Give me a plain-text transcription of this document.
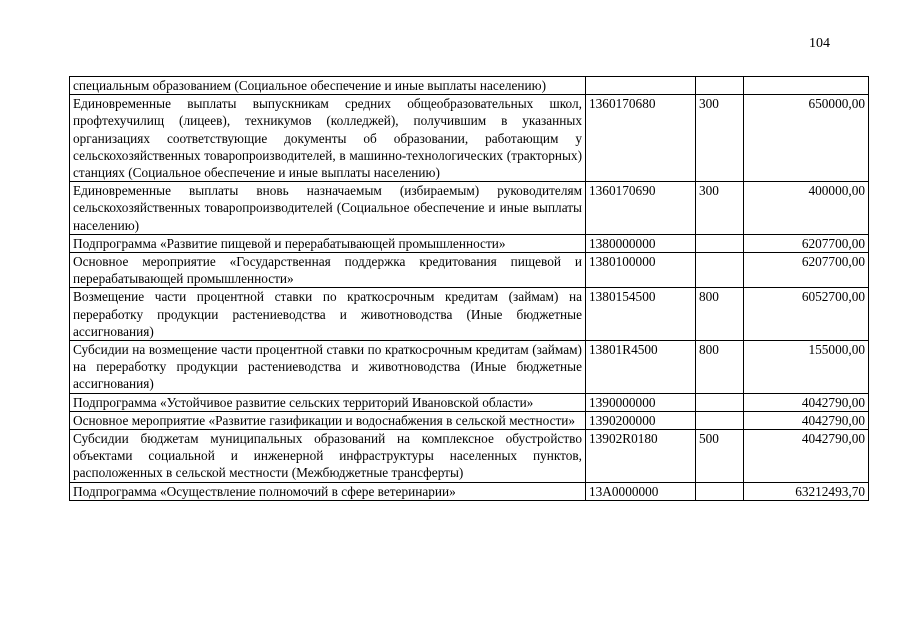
104
специальным образованием (Социальное обеспечение и иные выплаты населению)			
Единовременные выплаты выпускникам средних общеобразовательных школ, профтехучилищ (лицеев), техникумов (колледжей), получившим в указанных организациях соответствующие документы об образовании, работающим у сельскохозяйственных товаропроизводителей, в машинно-технологических (тракторных) станциях (Социальное обеспечение и иные выплаты населению)	1360170680	300	650000,00
Единовременные выплаты вновь назначаемым (избираемым) руководителям сельскохозяйственных товаропроизводителей (Социальное обеспечение и иные выплаты населению)	1360170690	300	400000,00
Подпрограмма «Развитие пищевой и перерабатывающей промышленности»	1380000000		6207700,00
Основное мероприятие «Государственная поддержка кредитования пищевой и перерабатывающей промышленности»	1380100000		6207700,00
Возмещение части процентной ставки по краткосрочным кредитам (займам) на переработку продукции растениеводства и животноводства (Иные бюджетные ассигнования)	1380154500	800	6052700,00
Субсидии на возмещение части процентной ставки по краткосрочным кредитам (займам) на переработку продукции растениеводства и животноводства (Иные бюджетные ассигнования)	13801R4500	800	155000,00
Подпрограмма «Устойчивое развитие сельских территорий Ивановской области»	1390000000		4042790,00
Основное мероприятие «Развитие газификации и водоснабжения в сельской местности»	1390200000		4042790,00
Субсидии бюджетам муниципальных образований на комплексное обустройство объектами социальной и инженерной инфраструктуры населенных пунктов, расположенных в сельской местности (Межбюджетные трансферты)	13902R0180	500	4042790,00
Подпрограмма «Осуществление полномочий в сфере ветеринарии»	13А0000000		63212493,70
